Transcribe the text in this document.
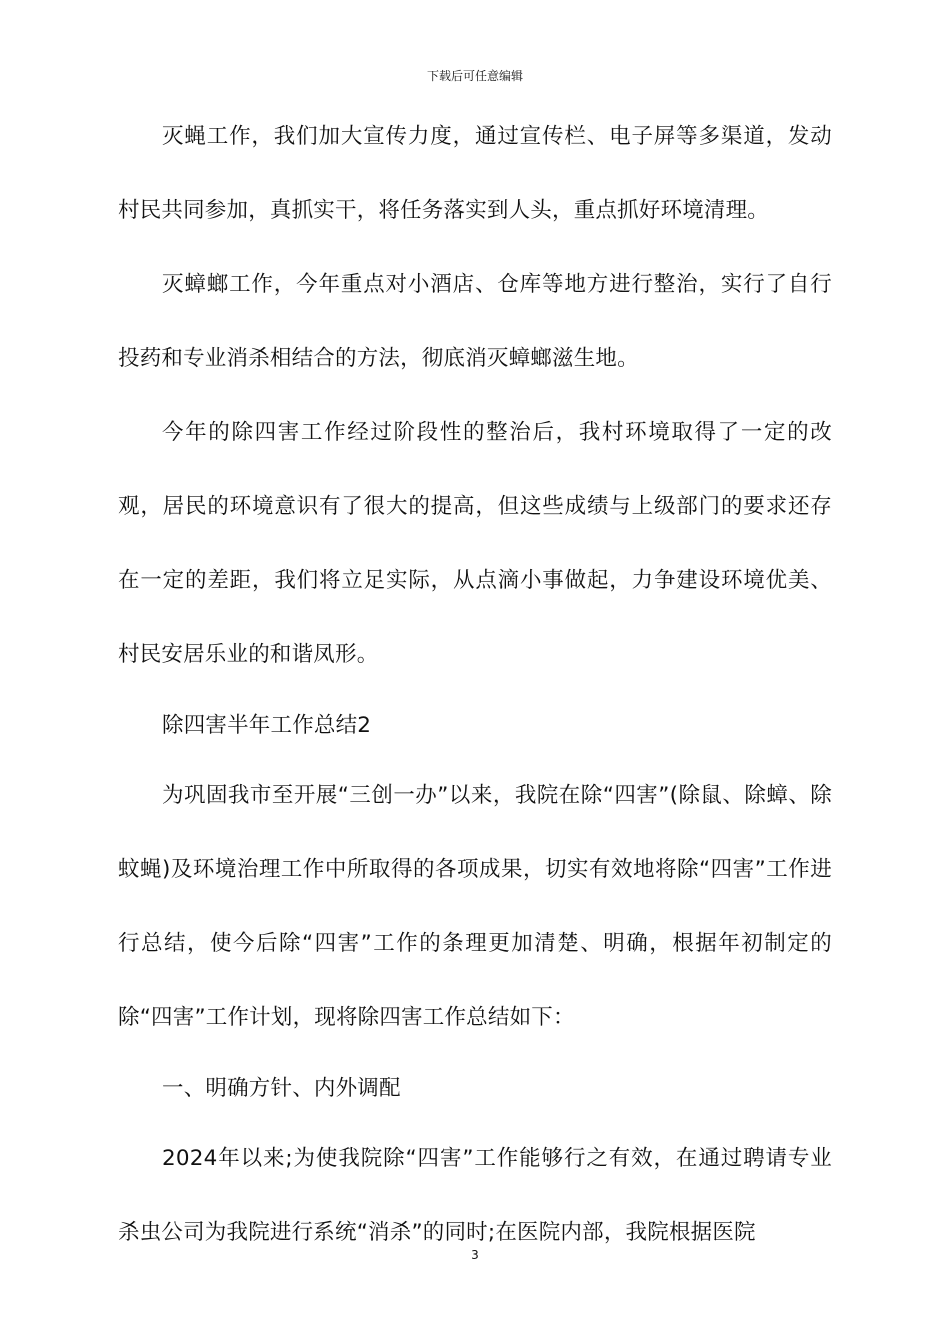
下载后可任意编辑

灭蝇工作，我们加大宣传力度，通过宣传栏、电子屏等多渠道，发动村民共同参加，真抓实干，将任务落实到人头，重点抓好环境清理。

灭蟑螂工作，今年重点对小酒店、仓库等地方进行整治，实行了自行投药和专业消杀相结合的方法，彻底消灭蟑螂滋生地。

今年的除四害工作经过阶段性的整治后，我村环境取得了一定的改观，居民的环境意识有了很大的提高，但这些成绩与上级部门的要求还存在一定的差距，我们将立足实际，从点滴小事做起，力争建设环境优美、村民安居乐业的和谐凤形。

除四害半年工作总结2

为巩固我市至开展“三创一办”以来，我院在除“四害”(除鼠、除蟑、除蚊蝇)及环境治理工作中所取得的各项成果，切实有效地将除“四害”工作进行总结，使今后除“四害”工作的条理更加清楚、明确，根据年初制定的除“四害”工作计划，现将除四害工作总结如下：

一、明确方针、内外调配

2024年以来;为使我院除“四害”工作能够行之有效，在通过聘请专业杀虫公司为我院进行系统“消杀”的同时;在医院内部，我院根据医院

3
